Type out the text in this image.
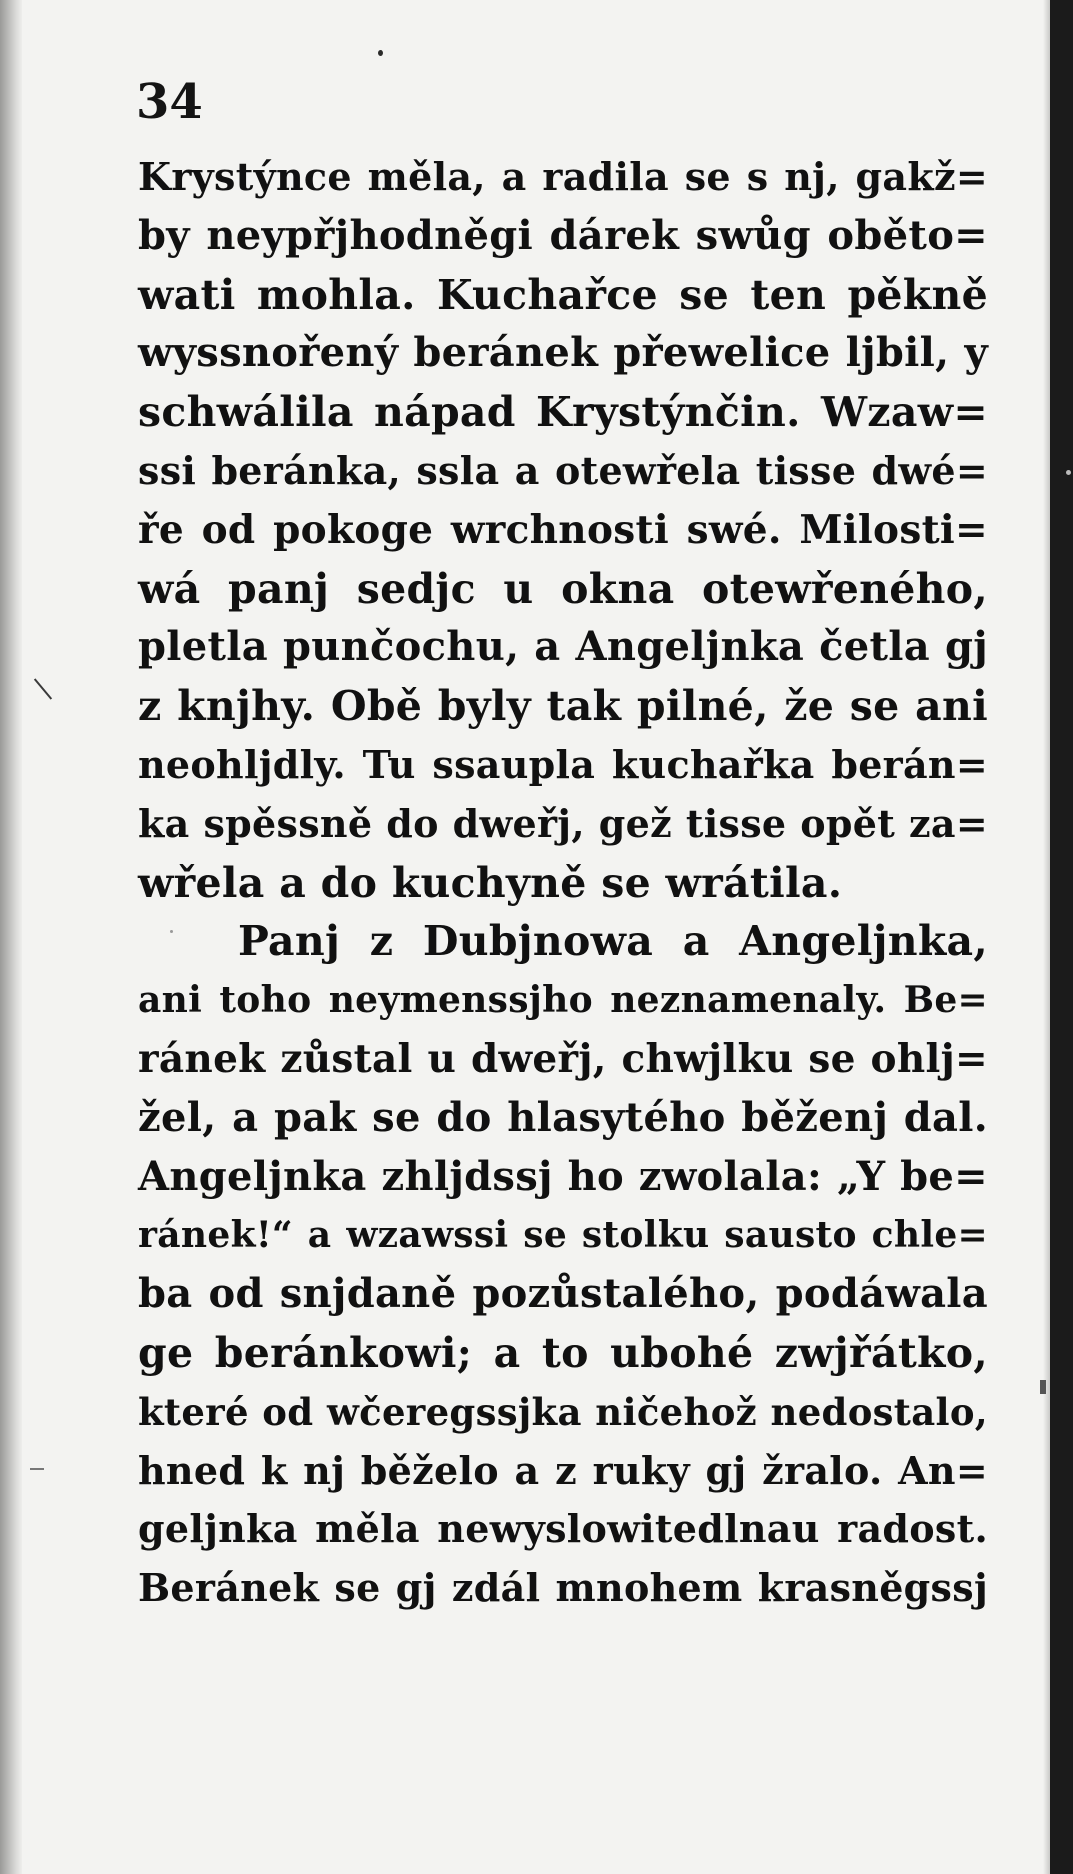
34
Krystýnce měla, a radila se s nj, gakž=
by neypřjhodněgi dárek swůg oběto=
wati mohla. Kuchařce se ten pěkně
wyssnořený beránek přewelice ljbil, y
schwálila nápad Krystýnčin. Wzaw=
ssi beránka, ssla a otewřela tisse dwé=
ře od pokoge wrchnosti swé. Milosti=
wá panj sedjc u okna otewřeného,
pletla punčochu, a Angeljnka četla gj
z knjhy. Obě byly tak pilné, že se ani
neohljdly. Tu ssaupla kuchařka berán=
ka spěssně do dweřj, gež tisse opět za=
wřela a do kuchyně se wrátila.
Panj z Dubjnowa a Angeljnka,
ani toho neymenssjho neznamenaly. Be=
ránek zůstal u dweřj, chwjlku se ohlj=
žel, a pak se do hlasytého běženj dal.
Angeljnka zhljdssj ho zwolala: „Y be=
ránek!“ a wzawssi se stolku sausto chle=
ba od snjdaně pozůstalého, podáwala
ge beránkowi; a to ubohé zwjřátko,
které od wčeregssjka ničehož nedostalo,
hned k nj běželo a z ruky gj žralo. An=
geljnka měla newyslowitedlnau radost.
Beránek se gj zdál mnohem krasněgssj
